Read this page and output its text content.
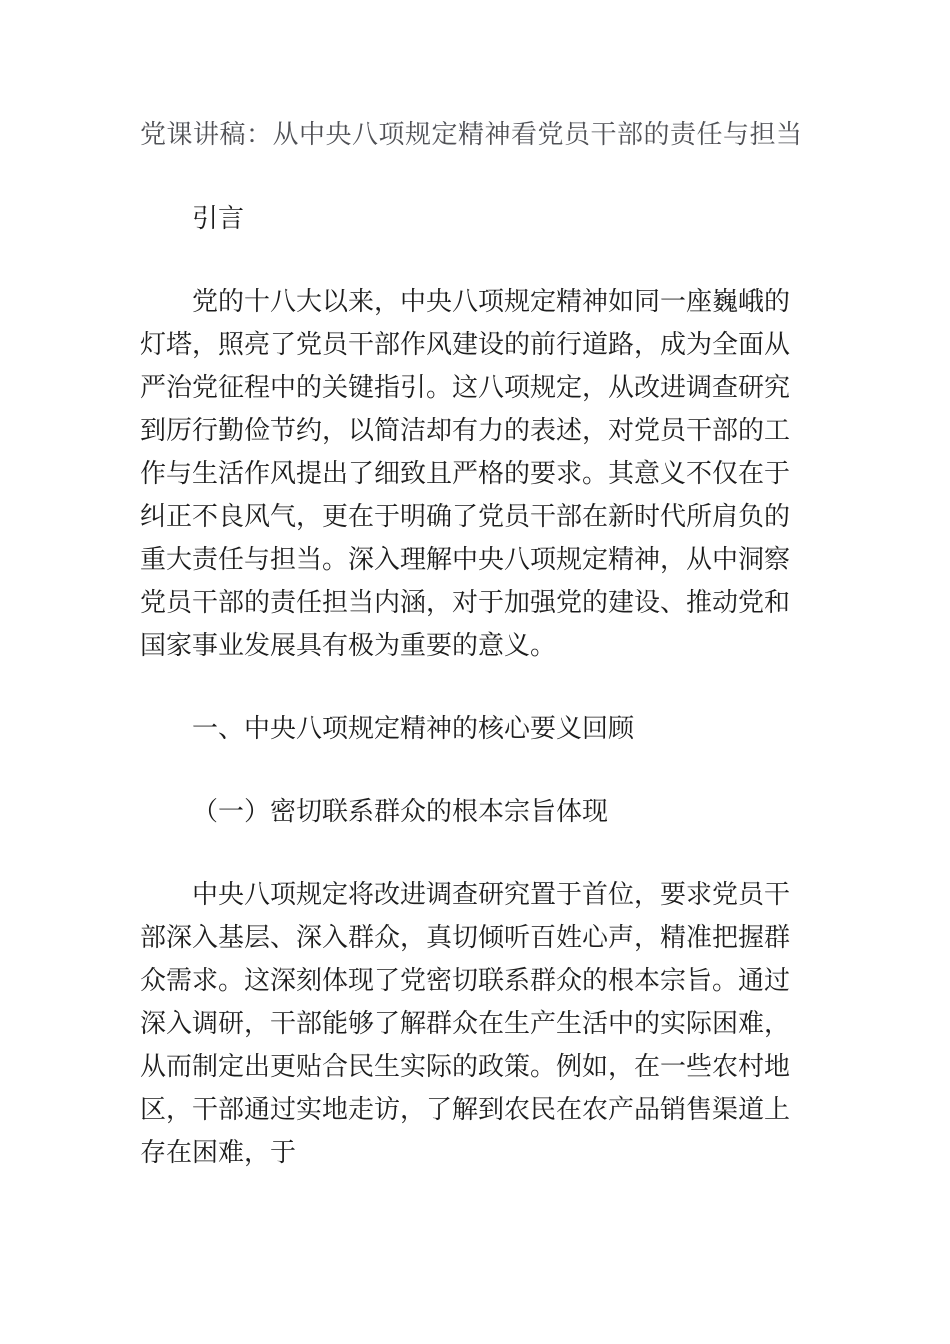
党课讲稿：从中央八项规定精神看党员干部的责任与担当
引言
党的十八大以来，中央八项规定精神如同一座巍峨的灯塔，照亮了党员干部作风建设的前行道路，成为全面从严治党征程中的关键指引。这八项规定，从改进调查研究到厉行勤俭节约，以简洁却有力的表述，对党员干部的工作与生活作风提出了细致且严格的要求。其意义不仅在于纠正不良风气，更在于明确了党员干部在新时代所肩负的重大责任与担当。深入理解中央八项规定精神，从中洞察党员干部的责任担当内涵，对于加强党的建设、推动党和国家事业发展具有极为重要的意义。
一、中央八项规定精神的核心要义回顾
（一）密切联系群众的根本宗旨体现
中央八项规定将改进调查研究置于首位，要求党员干部深入基层、深入群众，真切倾听百姓心声，精准把握群众需求。这深刻体现了党密切联系群众的根本宗旨。通过深入调研，干部能够了解群众在生产生活中的实际困难，从而制定出更贴合民生实际的政策。例如，在一些农村地区，干部通过实地走访，了解到农民在农产品销售渠道上存在困难，于
